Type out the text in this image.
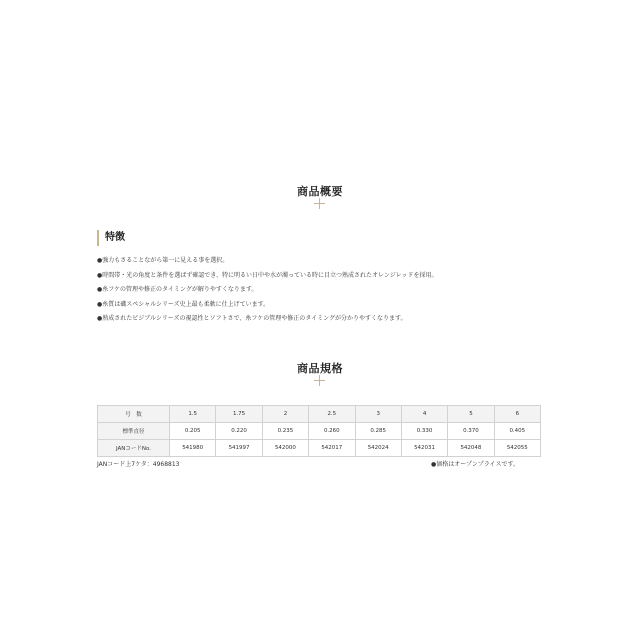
商品概要
特徴
●強力もさることながら第一に見える事を選択。
●時間帯・光の角度と条件を選ばず確認でき、特に明るい日中や水が濁っている時に目立つ熟成されたオレンジレッドを採用。
●糸フケの管理や修正のタイミングが解りやすくなります。
●糸質は磯スペシャルシリーズ史上最も柔軟に仕上げています。
●熟成されたビジブルシリーズの視認性とソフトさで、糸フケの管理や修正のタイミングが分かりやすくなります。
商品規格
号　数	1.5	1.75	2	2.5	3	4	5	6
標準直径	0.205	0.220	0.235	0.260	0.285	0.330	0.370	0.405
JANコードNo.	541980	541997	542000	542017	542024	542031	542048	542055
JANコード上7ケタ：4968813	●価格はオープンプライスです。
